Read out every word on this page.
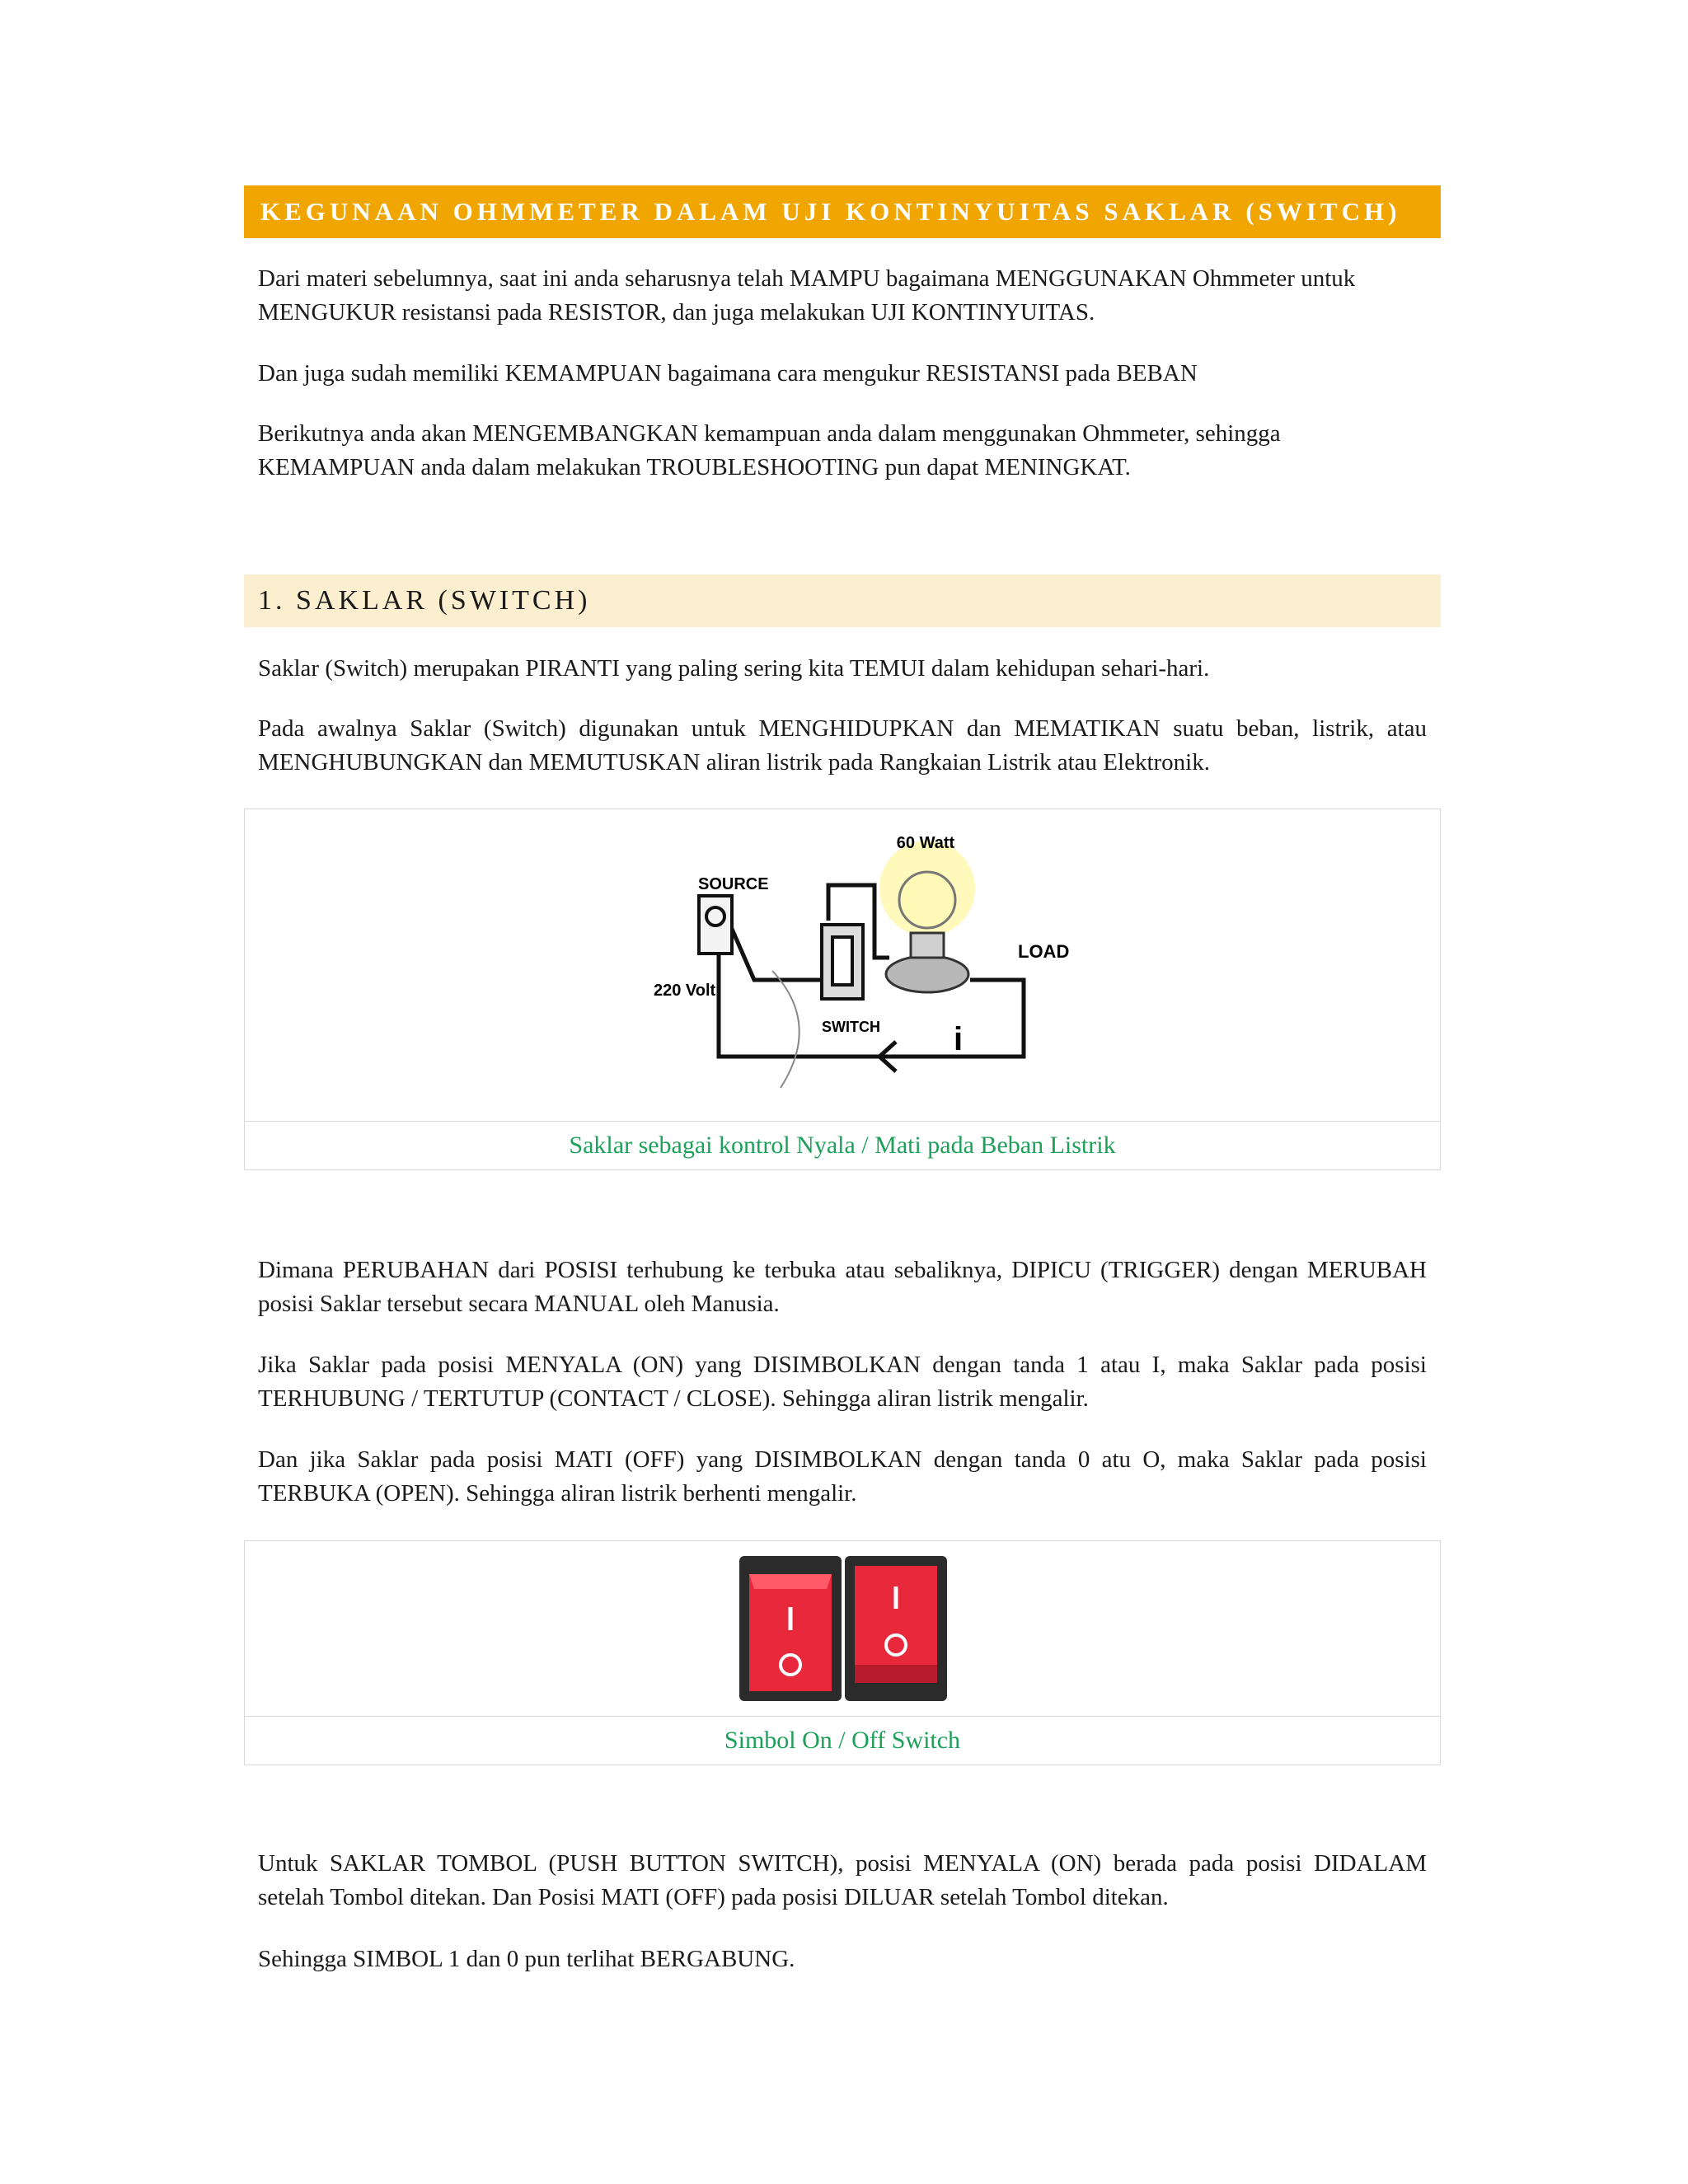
KEGUNAAN OHMMETER DALAM UJI KONTINYUITAS SAKLAR (SWITCH)

Dari materi sebelumnya, saat ini anda seharusnya telah MAMPU bagaimana MENGGUNAKAN Ohmmeter untuk MENGUKUR resistansi pada RESISTOR, dan juga melakukan UJI KONTINYUITAS.

Dan juga sudah memiliki KEMAMPUAN bagaimana cara mengukur RESISTANSI pada BEBAN

Berikutnya anda akan MENGEMBANGKAN kemampuan anda dalam menggunakan Ohmmeter, sehingga KEMAMPUAN anda dalam melakukan TROUBLESHOOTING pun dapat MENINGKAT.

1. SAKLAR (SWITCH)

Saklar (Switch) merupakan PIRANTI yang paling sering kita TEMUI dalam kehidupan sehari-hari.

Pada awalnya Saklar (Switch) digunakan untuk MENGHIDUPKAN dan MEMATIKAN suatu beban, listrik, atau MENGHUBUNGKAN dan MEMUTUSKAN aliran listrik pada Rangkaian Listrik atau Elektronik.

60 Watt
SOURCE
220 Volt
LOAD
SWITCH i
Saklar sebagai kontrol Nyala / Mati pada Beban Listrik

Dimana PERUBAHAN dari POSISI terhubung ke terbuka atau sebaliknya, DIPICU (TRIGGER) dengan MERUBAH posisi Saklar tersebut secara MANUAL oleh Manusia.

Jika Saklar pada posisi MENYALA (ON) yang DISIMBOLKAN dengan tanda 1 atau I, maka Saklar pada posisi TERHUBUNG / TERTUTUP (CONTACT / CLOSE). Sehingga aliran listrik mengalir.

Dan jika Saklar pada posisi MATI (OFF) yang DISIMBOLKAN dengan tanda 0 atu O, maka Saklar pada posisi TERBUKA (OPEN). Sehingga aliran listrik berhenti mengalir.

Simbol On / Off Switch

Untuk SAKLAR TOMBOL (PUSH BUTTON SWITCH), posisi MENYALA (ON) berada pada posisi DIDALAM setelah Tombol ditekan. Dan Posisi MATI (OFF) pada posisi DILUAR setelah Tombol ditekan.

Sehingga SIMBOL 1 dan 0 pun terlihat BERGABUNG.
